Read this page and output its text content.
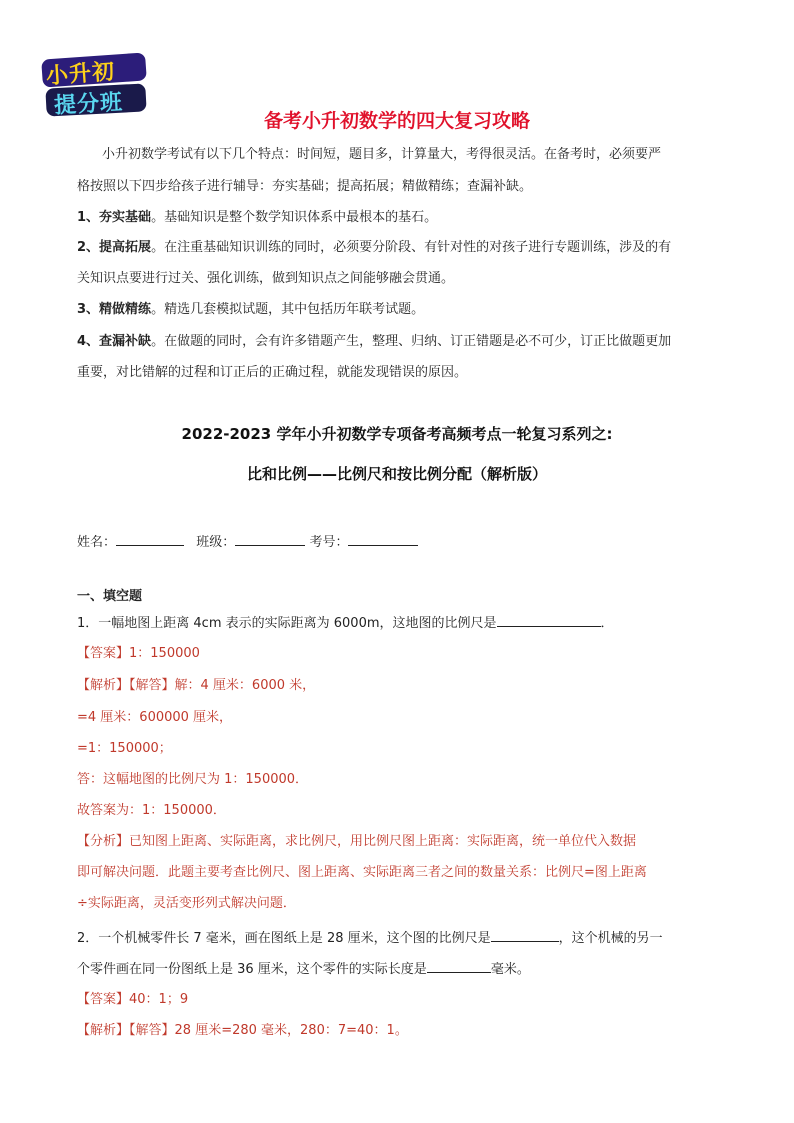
小升初
提分班
备考小升初数学的四大复习攻略
小升初数学考试有以下几个特点：时间短，题目多，计算量大，考得很灵活。在备考时，必须要严
格按照以下四步给孩子进行辅导：夯实基础；提高拓展；精做精练；查漏补缺。
1、夯实基础。基础知识是整个数学知识体系中最根本的基石。
2、提高拓展。在注重基础知识训练的同时，必须要分阶段、有针对性的对孩子进行专题训练，涉及的有
关知识点要进行过关、强化训练，做到知识点之间能够融会贯通。
3、精做精练。精选几套模拟试题，其中包括历年联考试题。
4、查漏补缺。在做题的同时，会有许多错题产生，整理、归纳、订正错题是必不可少，订正比做题更加
重要，对比错解的过程和订正后的正确过程，就能发现错误的原因。
2022-2023 学年小升初数学专项备考高频考点一轮复习系列之:
比和比例——比例尺和按比例分配（解析版）
姓名：	班级：	考号：
一、填空题
1．一幅地图上距离 4cm 表示的实际距离为 6000m，这地图的比例尺是	．
【答案】1：150000
【解析】【解答】解：4 厘米：6000 米，
=4 厘米：600000 厘米，
=1：150000；
答：这幅地图的比例尺为 1：150000．
故答案为：1：150000．
【分析】已知图上距离、实际距离，求比例尺，用比例尺图上距离：实际距离，统一单位代入数据
即可解决问题．此题主要考查比例尺、图上距离、实际距离三者之间的数量关系：比例尺=图上距离
÷实际距离，灵活变形列式解决问题．
2．一个机械零件长 7 毫米，画在图纸上是 28 厘米，这个图的比例尺是	，这个机械的另一
个零件画在同一份图纸上是 36 厘米，这个零件的实际长度是	毫米。
【答案】40：1；9
【解析】【解答】28 厘米=280 毫米，280：7=40：1。
